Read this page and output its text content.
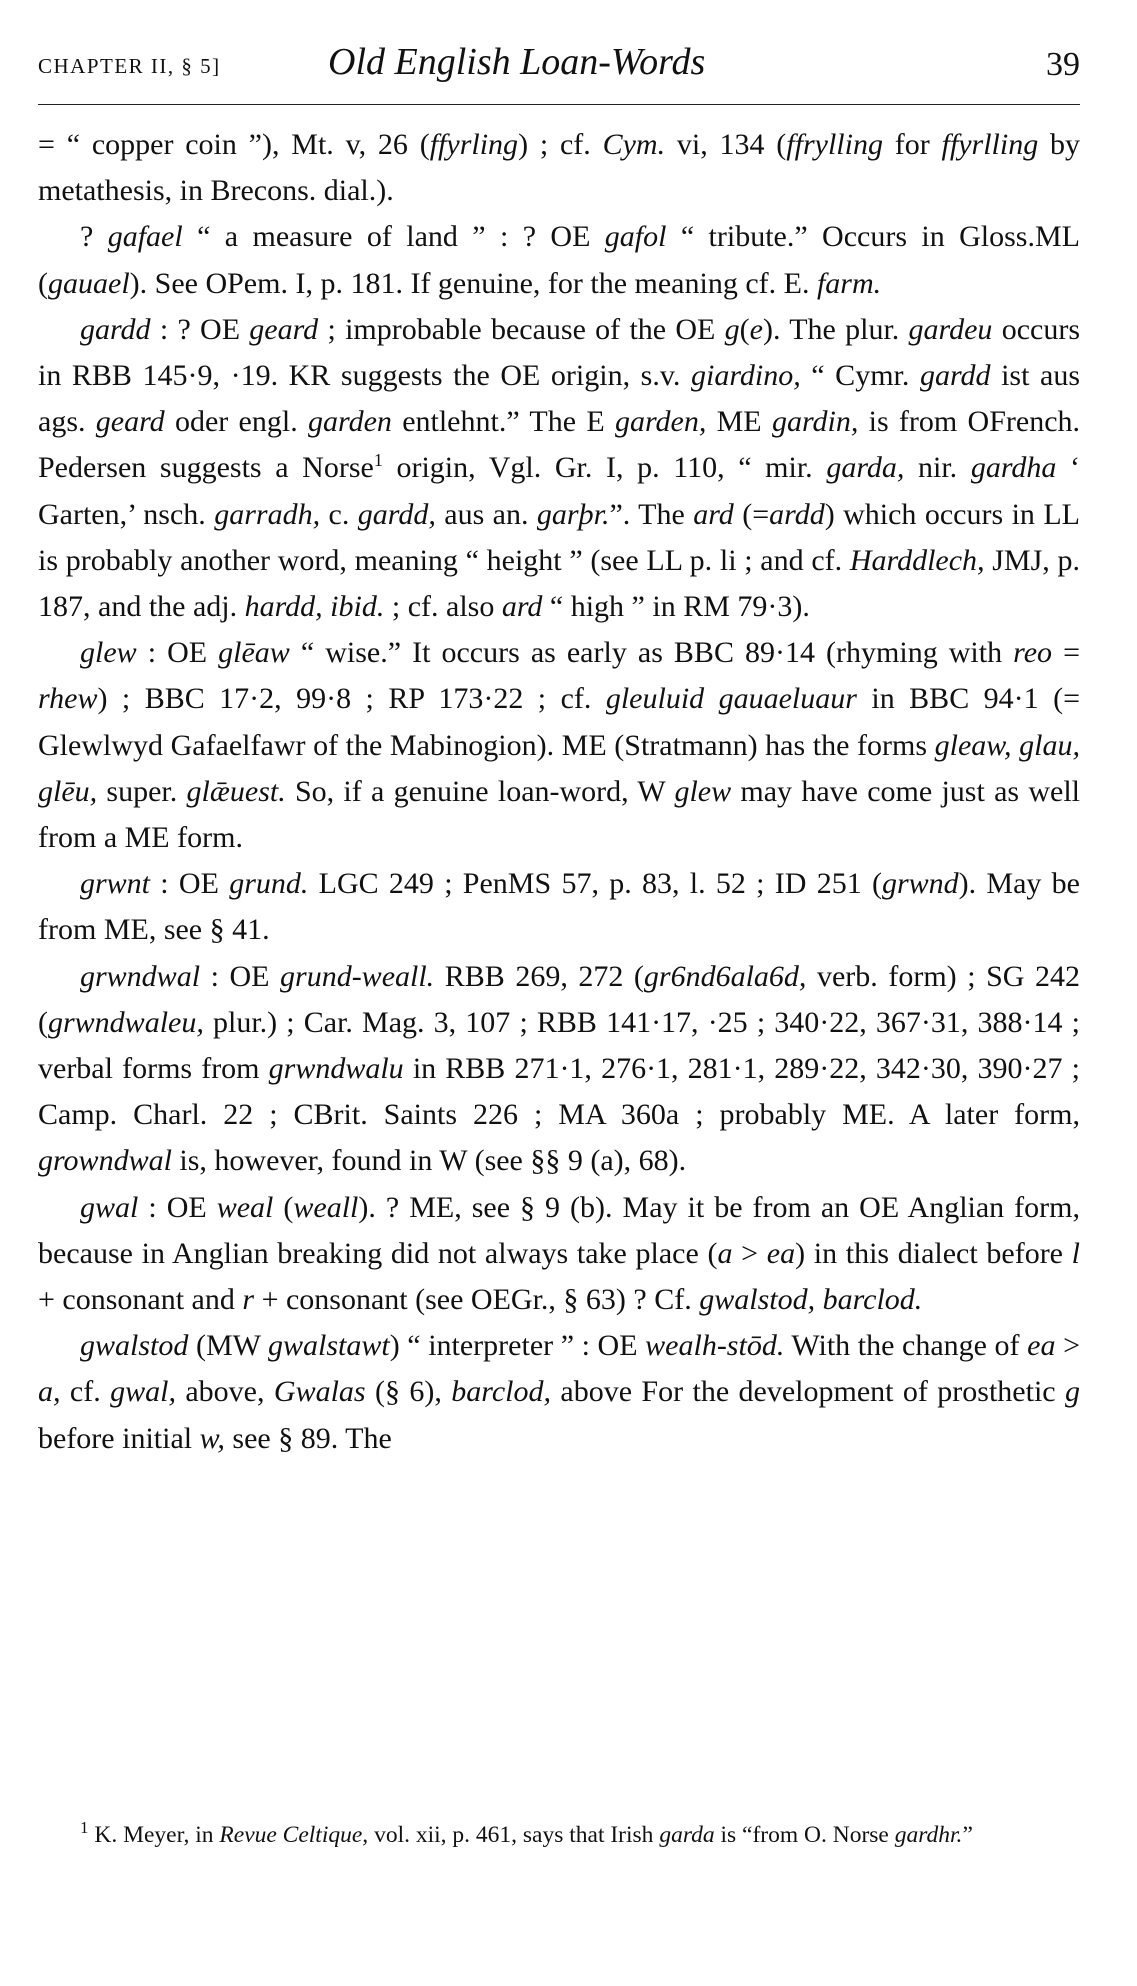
CHAPTER II, § 5]	Old English Loan-Words	39

= “ copper coin ”), Mt. v, 26 (ffyrling) ; cf. Cym. vi, 134 (ffrylling for ffyrlling by metathesis, in Brecons. dial.).

? gafael “ a measure of land ” : ? OE gafol “ tribute.” Occurs in Gloss.ML (gauael). See OPem. I, p. 181. If genuine, for the meaning cf. E. farm.

gardd : ? OE geard ; improbable because of the OE g(e). The plur. gardeu occurs in RBB 145·9, ·19. KR suggests the OE origin, s.v. giardino, “ Cymr. gardd ist aus ags. geard oder engl. garden entlehnt.” The E garden, ME gardin, is from OFrench. Pedersen suggests a Norse$^1$ origin, Vgl. Gr. I, p. 110, “ mir. garda, nir. gardha ‘ Garten,’ nsch. garradh, c. gardd, aus an. garþr.”. The ard (=ardd) which occurs in LL is probably another word, meaning “ height ” (see LL p. li ; and cf. Harddlech, JMJ, p. 187, and the adj. hardd, ibid. ; cf. also ard “ high ” in RM 79·3).

glew : OE glēaw “ wise.” It occurs as early as BBC 89·14 (rhyming with reo = rhew) ; BBC 17·2, 99·8 ; RP 173·22 ; cf. gleuluid gauaeluaur in BBC 94·1 (= Glewlwyd Gafaelfawr of the Mabinogion). ME (Stratmann) has the forms gleaw, glau, glēu, super. glǣuest. So, if a genuine loan-word, W glew may have come just as well from a ME form.

grwnt : OE grund. LGC 249 ; PenMS 57, p. 83, l. 52 ; ID 251 (grwnd). May be from ME, see § 41.

grwndwal : OE grund-weall. RBB 269, 272 (gr6nd6ala6d, verb. form) ; SG 242 (grwndwaleu, plur.) ; Car. Mag. 3, 107 ; RBB 141·17, ·25 ; 340·22, 367·31, 388·14 ; verbal forms from grwndwalu in RBB 271·1, 276·1, 281·1, 289·22, 342·30, 390·27 ; Camp. Charl. 22 ; CBrit. Saints 226 ; MA 360a ; probably ME. A later form, growndwal is, however, found in W (see §§ 9 (a), 68).

gwal : OE weal (weall). ? ME, see § 9 (b). May it be from an OE Anglian form, because in Anglian breaking did not always take place (a > ea) in this dialect before l + consonant and r + consonant (see OEGr., § 63) ? Cf. gwalstod, barclod.

gwalstod (MW gwalstawt) “ interpreter ” : OE wealh-stōd. With the change of ea > a, cf. gwal, above, Gwalas (§ 6), barclod, above For the development of prosthetic g before initial w, see § 89. The

$^1$ K. Meyer, in Revue Celtique, vol. xii, p. 461, says that Irish garda is “from O. Norse gardhr.”
